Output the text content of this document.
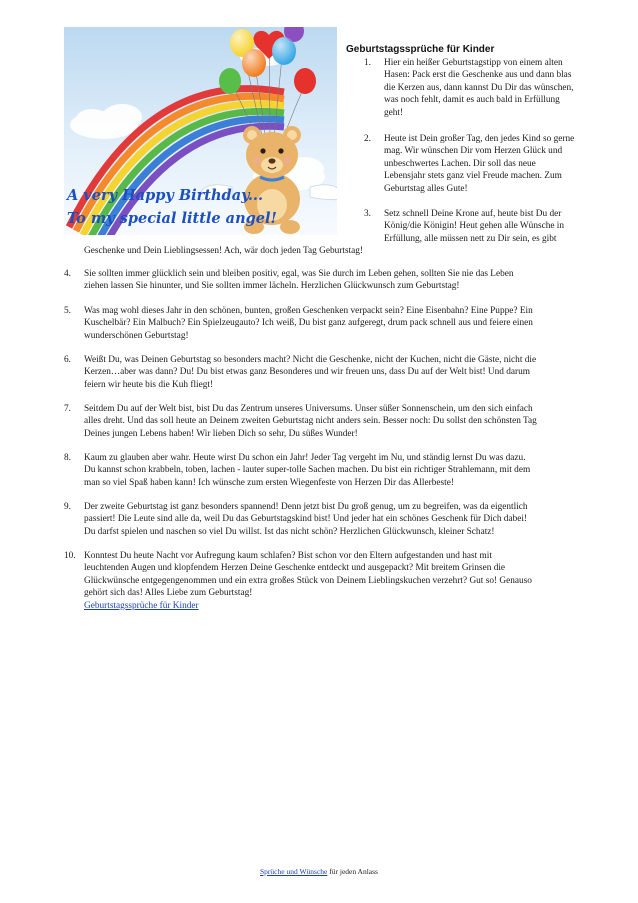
A very Happy Birthday...
To my special little angel!
Geburtstagssprüche für Kinder
1. Hier ein heißer Geburtstagstipp von einem alten
Hasen: Pack erst die Geschenke aus und dann blas
die Kerzen aus, dann kannst Du Dir das wünschen,
was noch fehlt, damit es auch bald in Erfüllung
geht!
2. Heute ist Dein großer Tag, den jedes Kind so gerne
mag. Wir wünschen Dir vom Herzen Glück und
unbeschwertes Lachen. Dir soll das neue
Lebensjahr stets ganz viel Freude machen. Zum
Geburtstag alles Gute!
3. Setz schnell Deine Krone auf, heute bist Du der
König/die Königin! Heut gehen alle Wünsche in
Erfüllung, alle müssen nett zu Dir sein, es gibt
Geschenke und Dein Lieblingsessen! Ach, wär doch jeden Tag Geburtstag!
4. Sie sollten immer glücklich sein und bleiben positiv, egal, was Sie durch im Leben gehen, sollten Sie nie das Leben
ziehen lassen Sie hinunter, und Sie sollten immer lächeln. Herzlichen Glückwunsch zum Geburtstag!
5. Was mag wohl dieses Jahr in den schönen, bunten, großen Geschenken verpackt sein? Eine Eisenbahn? Eine Puppe? Ein
Kuschelbär? Ein Malbuch? Ein Spielzeugauto? Ich weiß, Du bist ganz aufgeregt, drum pack schnell aus und feiere einen
wunderschönen Geburtstag!
6. Weißt Du, was Deinen Geburtstag so besonders macht? Nicht die Geschenke, nicht der Kuchen, nicht die Gäste, nicht die
Kerzen…aber was dann? Du! Du bist etwas ganz Besonderes und wir freuen uns, dass Du auf der Welt bist! Und darum
feiern wir heute bis die Kuh fliegt!
7. Seitdem Du auf der Welt bist, bist Du das Zentrum unseres Universums. Unser süßer Sonnenschein, um den sich einfach
alles dreht. Und das soll heute an Deinem zweiten Geburtstag nicht anders sein. Besser noch: Du sollst den schönsten Tag
Deines jungen Lebens haben! Wir lieben Dich so sehr, Du süßes Wunder!
8. Kaum zu glauben aber wahr. Heute wirst Du schon ein Jahr! Jeder Tag vergeht im Nu, und ständig lernst Du was dazu.
Du kannst schon krabbeln, toben, lachen - lauter super-tolle Sachen machen. Du bist ein richtiger Strahlemann, mit dem
man so viel Spaß haben kann! Ich wünsche zum ersten Wiegenfeste von Herzen Dir das Allerbeste!
9. Der zweite Geburtstag ist ganz besonders spannend! Denn jetzt bist Du groß genug, um zu begreifen, was da eigentlich
passiert! Die Leute sind alle da, weil Du das Geburtstagskind bist! Und jeder hat ein schönes Geschenk für Dich dabei!
Du darfst spielen und naschen so viel Du willst. Ist das nicht schön? Herzlichen Glückwunsch, kleiner Schatz!
10. Konntest Du heute Nacht vor Aufregung kaum schlafen? Bist schon vor den Eltern aufgestanden und hast mit
leuchtenden Augen und klopfendem Herzen Deine Geschenke entdeckt und ausgepackt? Mit breitem Grinsen die
Glückwünsche entgegengenommen und ein extra großes Stück von Deinem Lieblingskuchen verzehrt? Gut so! Genauso
gehört sich das! Alles Liebe zum Geburtstag!
Geburtstagssprüche für Kinder
Sprüche und Wünsche für jeden Anlass
